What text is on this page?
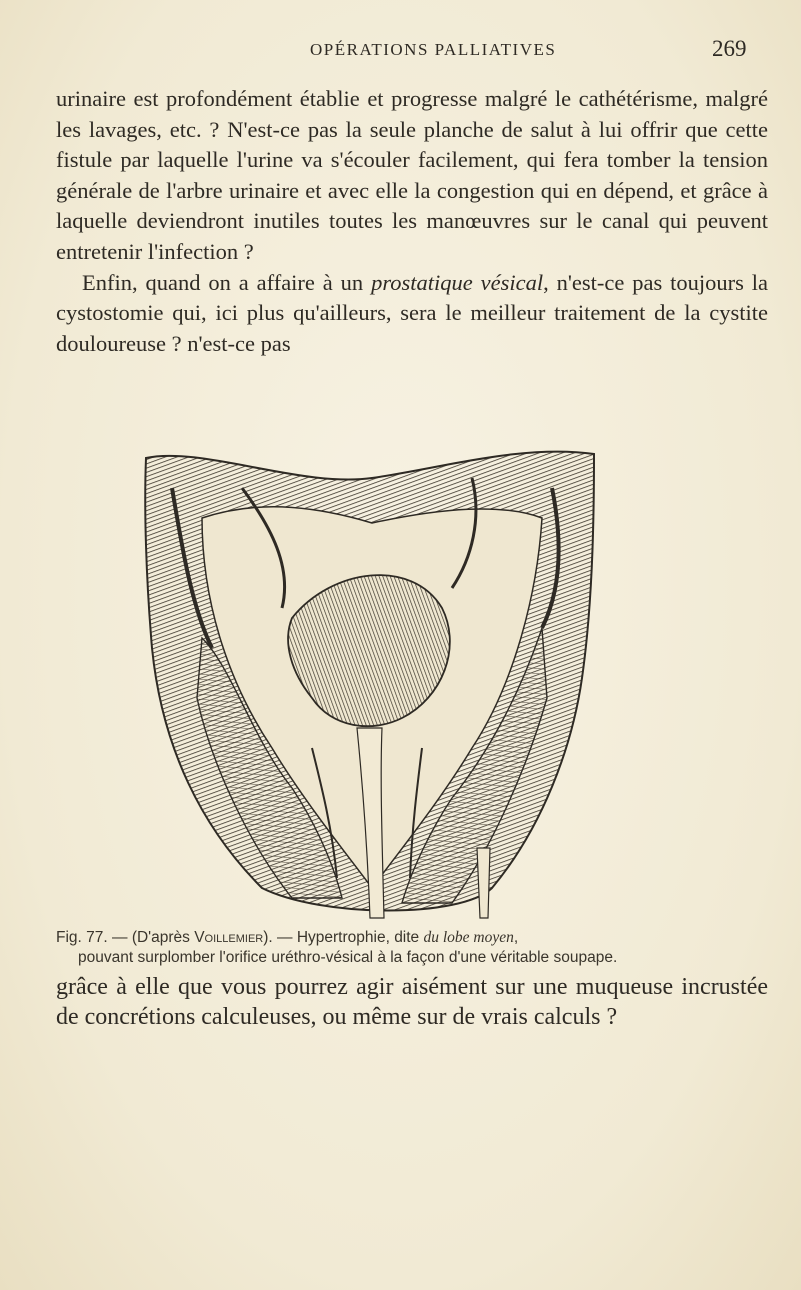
OPÉRATIONS PALLIATIVES	269

urinaire est profondément établie et progresse malgré le cathétérisme, malgré les lavages, etc. ? N'est-ce pas la seule planche de salut à lui offrir que cette fistule par laquelle l'urine va s'écouler facilement, qui fera tomber la tension générale de l'arbre urinaire et avec elle la congestion qui en dépend, et grâce à laquelle deviendront inutiles toutes les manœuvres sur le canal qui peuvent entretenir l'infection ?

Enfin, quand on a affaire à un prostatique vésical, n'est-ce pas toujours la cystostomie qui, ici plus qu'ailleurs, sera le meilleur traitement de la cystite douloureuse ? n'est-ce pas

Fig. 77. — (D'après Voillemier). — Hypertrophie, dite du lobe moyen,
pouvant surplomber l'orifice uréthro-vésical à la façon d'une véritable soupape.
grâce à elle que vous pourrez agir aisément sur une muqueuse incrustée de concrétions calculeuses, ou même sur de vrais calculs ?
